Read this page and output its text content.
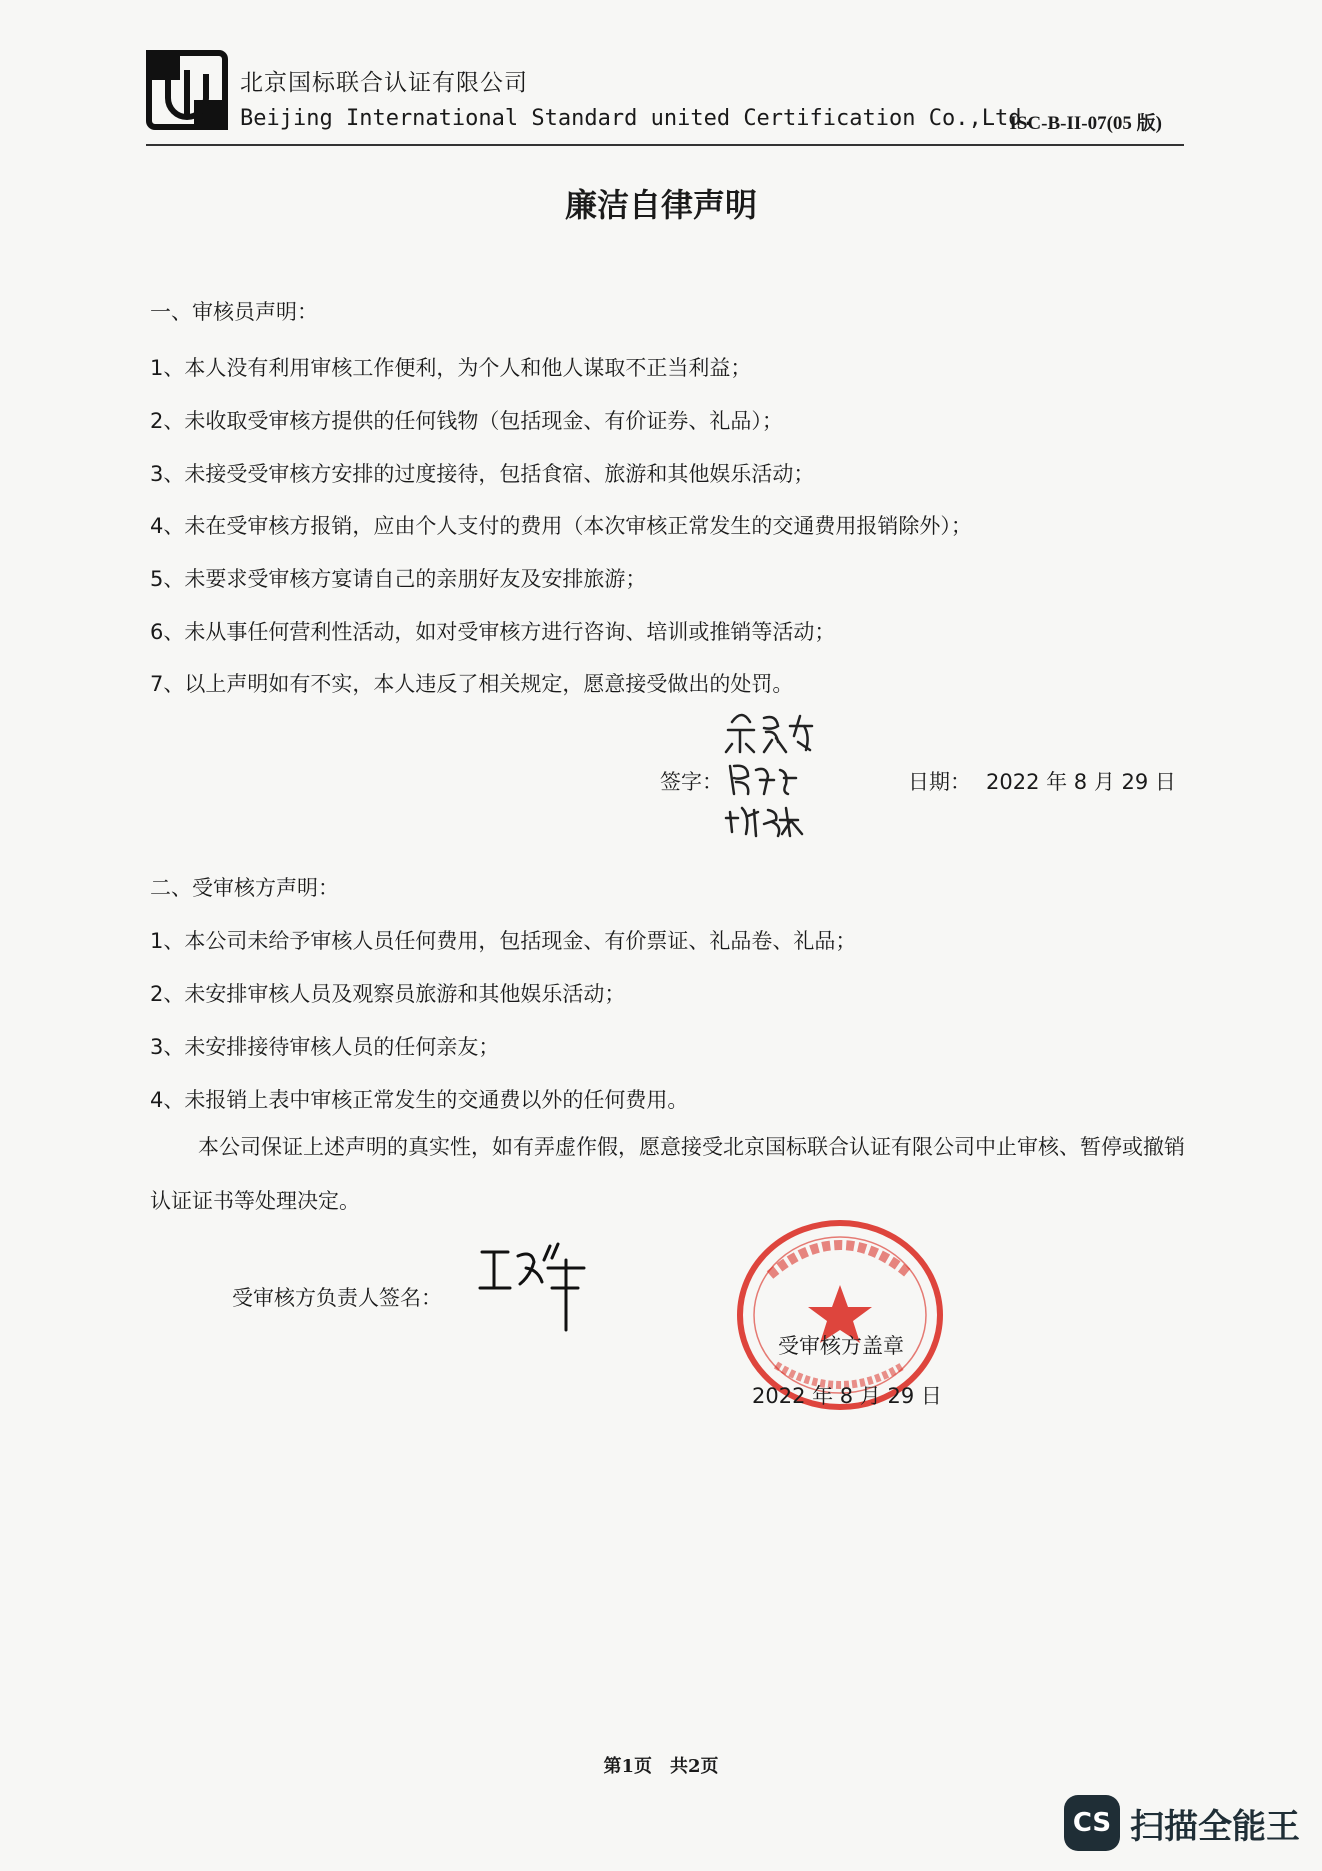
北京国标联合认证有限公司
Beijing International Standard united Certification Co.,Ltd.
ISC-B-II-07(05 版)
廉洁自律声明
一、审核员声明：
1、本人没有利用审核工作便利，为个人和他人谋取不正当利益；
2、未收取受审核方提供的任何钱物（包括现金、有价证券、礼品）；
3、未接受受审核方安排的过度接待，包括食宿、旅游和其他娱乐活动；
4、未在受审核方报销，应由个人支付的费用（本次审核正常发生的交通费用报销除外）；
5、未要求受审核方宴请自己的亲朋好友及安排旅游；
6、未从事任何营利性活动，如对受审核方进行咨询、培训或推销等活动；
7、以上声明如有不实，本人违反了相关规定，愿意接受做出的处罚。
签字：	日期： 2022 年 8 月 29 日
二、受审核方声明：
1、本公司未给予审核人员任何费用，包括现金、有价票证、礼品卷、礼品；
2、未安排审核人员及观察员旅游和其他娱乐活动；
3、未安排接待审核人员的任何亲友；
4、未报销上表中审核正常发生的交通费以外的任何费用。
本公司保证上述声明的真实性，如有弄虚作假，愿意接受北京国标联合认证有限公司中止审核、暂停或撤销认证证书等处理决定。
受审核方负责人签名：
受审核方盖章
2022 年 8 月 29 日
第1页　共2页
CS 扫描全能王
